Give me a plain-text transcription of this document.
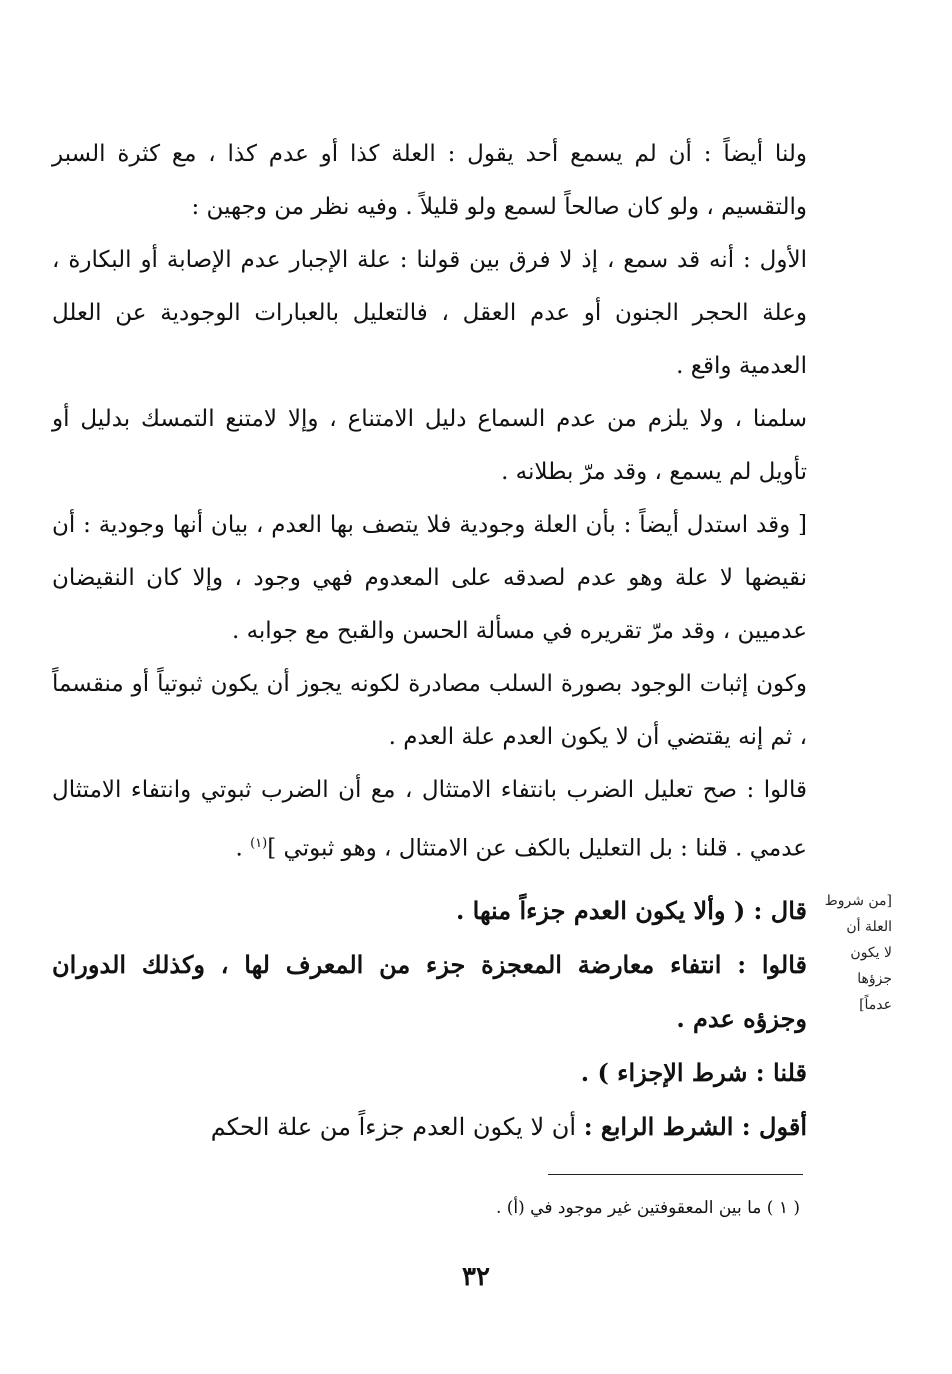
ولنا أيضاً : أن لم يسمع أحد يقول : العلة كذا أو عدم كذا ، مع كثرة السبر والتقسيم ، ولو كان صالحاً لسمع ولو قليلاً . وفيه نظر من وجهين :

الأول : أنه قد سمع ، إذ لا فرق بين قولنا : علة الإجبار عدم الإصابة أو البكارة ، وعلة الحجر الجنون أو عدم العقل ، فالتعليل بالعبارات الوجودية عن العلل العدمية واقع .

سلمنا ، ولا يلزم من عدم السماع دليل الامتناع ، وإلا لامتنع التمسك بدليل أو تأويل لم يسمع ، وقد مرّ بطلانه .

[ وقد استدل أيضاً : بأن العلة وجودية فلا يتصف بها العدم ، بيان أنها وجودية : أن نقيضها لا علة وهو عدم لصدقه على المعدوم فهي وجود ، وإلا كان النقيضان عدميين ، وقد مرّ تقريره في مسألة الحسن والقبح مع جوابه .

وكون إثبات الوجود بصورة السلب مصادرة لكونه يجوز أن يكون ثبوتياً أو منقسماً ، ثم إنه يقتضي أن لا يكون العدم علة العدم .

قالوا : صح تعليل الضرب بانتفاء الامتثال ، مع أن الضرب ثبوتي وانتفاء الامتثال عدمي . قلنا : بل التعليل بالكف عن الامتثال ، وهو ثبوتي ]$^{(١)}$ .

قال : ( وألا يكون العدم جزءاً منها .
قالوا : انتفاء معارضة المعجزة جزء من المعرف لها ، وكذلك الدوران
وجزؤه عدم .
قلنا : شرط الإجزاء ) .
أقول : الشرط الرابع : أن لا يكون العدم جزءاً من علة الحكم
[من شروط
العلة أن
لا يكون
جزؤها
عدماً]
( ١ ) ما بين المعقوفتين غير موجود في (أ) .
٣٢
